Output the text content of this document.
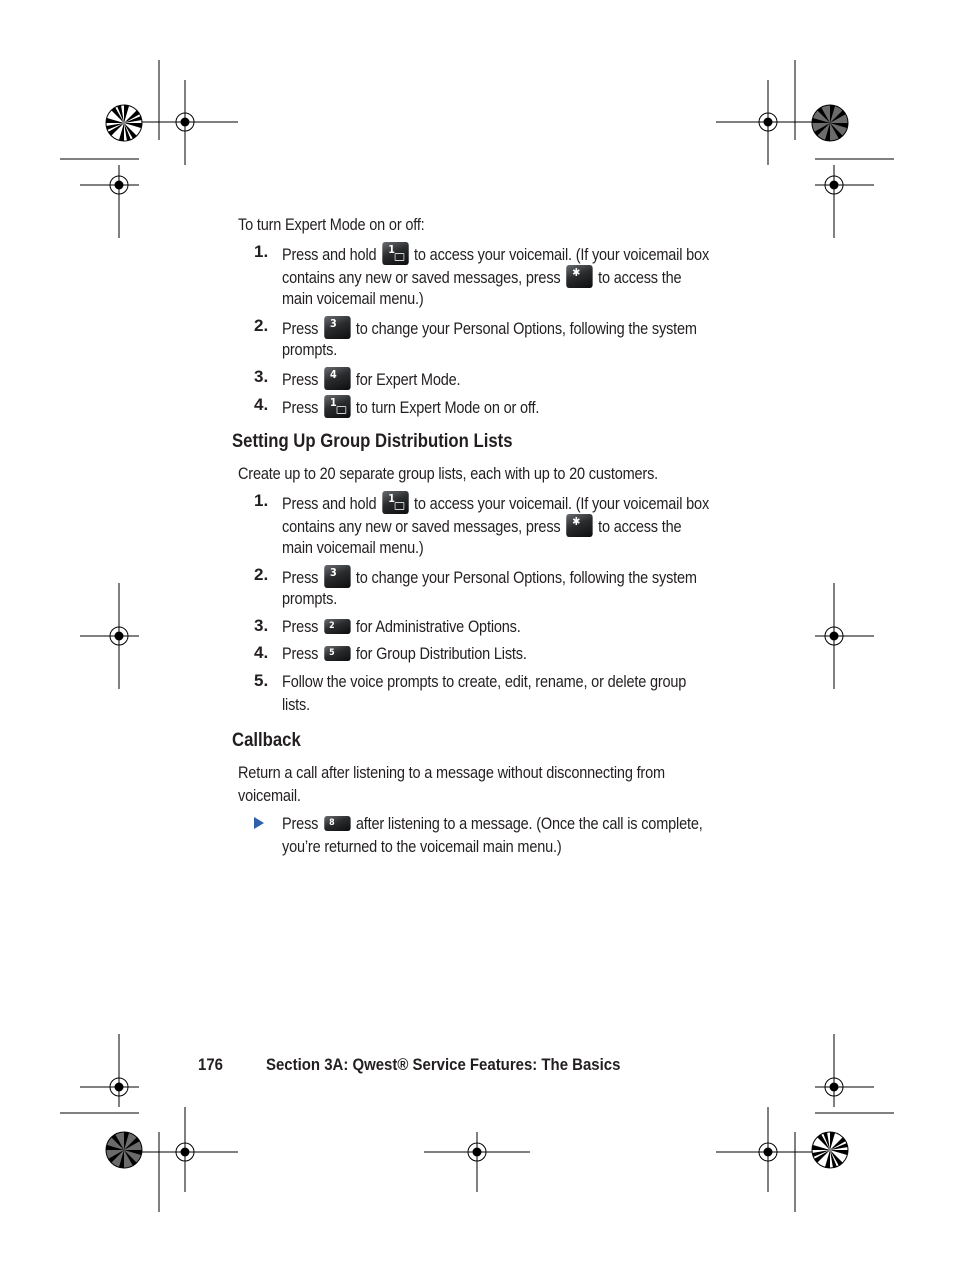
To turn Expert Mode on or off:
1. Press and hold 1 to access your voicemail. (If your voicemail box
contains any new or saved messages, press ✱ to access the
main voicemail menu.)
2. Press 3 to change your Personal Options, following the system
prompts.
3. Press 4 for Expert Mode.
4. Press 1 to turn Expert Mode on or off.
Setting Up Group Distribution Lists
Create up to 20 separate group lists, each with up to 20 customers.
1. Press and hold 1 to access your voicemail. (If your voicemail box
contains any new or saved messages, press ✱ to access the
main voicemail menu.)
2. Press 3 to change your Personal Options, following the system
prompts.
3. Press 2 for Administrative Options.
4. Press 5 for Group Distribution Lists.
5. Follow the voice prompts to create, edit, rename, or delete group
lists.
Callback
Return a call after listening to a message without disconnecting from
voicemail.
Press 8 after listening to a message. (Once the call is complete,
you’re returned to the voicemail main menu.)
176	Section 3A: Qwest® Service Features: The Basics
